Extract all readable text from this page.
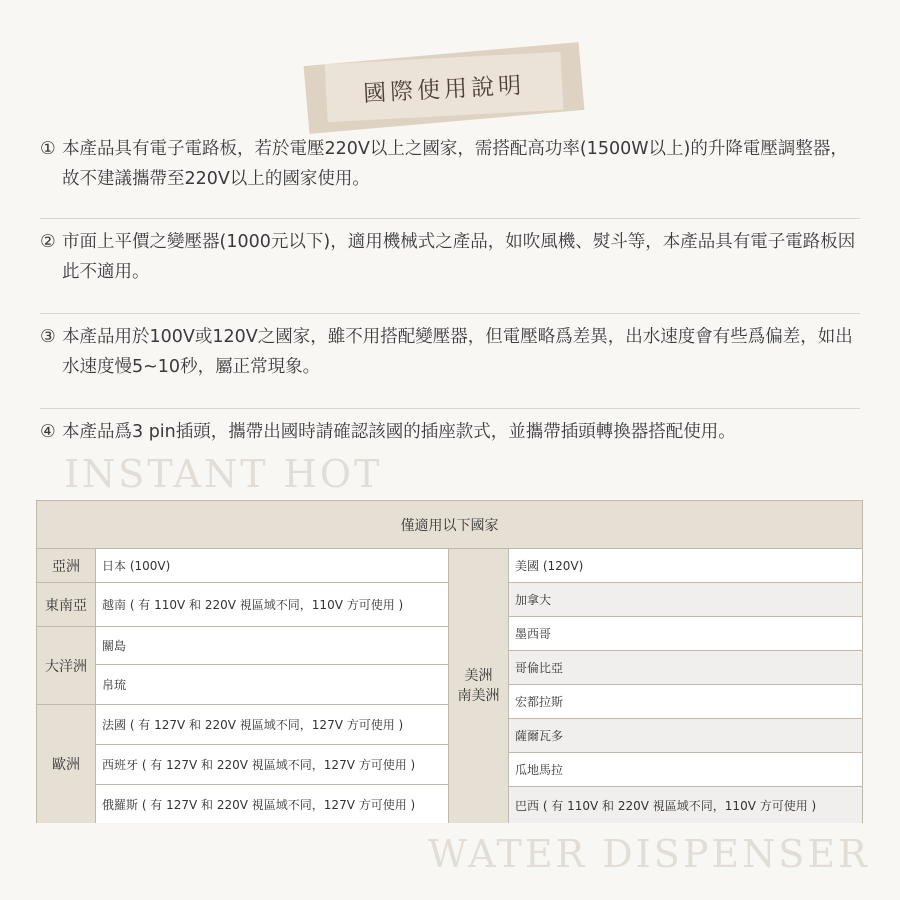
國際使用說明
① 本產品具有電子電路板，若於電壓220V以上之國家，需搭配高功率(1500W以上)的升降電壓調整器，故不建議攜帶至220V以上的國家使用。
② 市面上平價之變壓器(1000元以下)，適用機械式之產品，如吹風機、熨斗等，本產品具有電子電路板因此不適用。
③ 本產品用於100V或120V之國家，雖不用搭配變壓器，但電壓略爲差異，出水速度會有些爲偏差，如出水速度慢5~10秒，屬正常現象。
④ 本產品爲3 pin插頭，攜帶出國時請確認該國的插座款式，並攜帶插頭轉換器搭配使用。
INSTANT HOT
僅適用以下國家
亞洲
東南亞
大洋洲
歐洲
日本 (100V)
越南 ( 有 110V 和 220V 視區域不同，110V 方可使用 )
關島
帛琉
法國 ( 有 127V 和 220V 視區域不同，127V 方可使用 )
西班牙 ( 有 127V 和 220V 視區域不同，127V 方可使用 )
俄羅斯 ( 有 127V 和 220V 視區域不同，127V 方可使用 )
美洲
南美洲
美國 (120V)
加拿大
墨西哥
哥倫比亞
宏都拉斯
薩爾瓦多
瓜地馬拉
巴西 ( 有 110V 和 220V 視區域不同，110V 方可使用 )
WATER DISPENSER
